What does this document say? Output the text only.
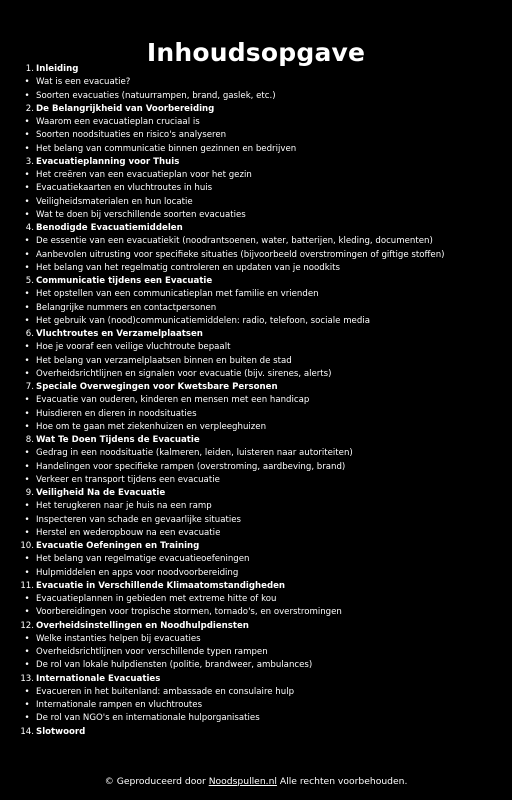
Inhoudsopgave
1. Inleiding
• Wat is een evacuatie?
• Soorten evacuaties (natuurrampen, brand, gaslek, etc.)
2. De Belangrijkheid van Voorbereiding
• Waarom een evacuatieplan cruciaal is
• Soorten noodsituaties en risico's analyseren
• Het belang van communicatie binnen gezinnen en bedrijven
3. Evacuatieplanning voor Thuis
• Het creëren van een evacuatieplan voor het gezin
• Evacuatiekaarten en vluchtroutes in huis
• Veiligheidsmaterialen en hun locatie
• Wat te doen bij verschillende soorten evacuaties
4. Benodigde Evacuatiemiddelen
• De essentie van een evacuatiekit (noodrantsoenen, water, batterijen, kleding, documenten)
• Aanbevolen uitrusting voor specifieke situaties (bijvoorbeeld overstromingen of giftige stoffen)
• Het belang van het regelmatig controleren en updaten van je noodkits
5. Communicatie tijdens een Evacuatie
• Het opstellen van een communicatieplan met familie en vrienden
• Belangrijke nummers en contactpersonen
• Het gebruik van (nood)communicatiemiddelen: radio, telefoon, sociale media
6. Vluchtroutes en Verzamelplaatsen
• Hoe je vooraf een veilige vluchtroute bepaalt
• Het belang van verzamelplaatsen binnen en buiten de stad
• Overheidsrichtlijnen en signalen voor evacuatie (bijv. sirenes, alerts)
7. Speciale Overwegingen voor Kwetsbare Personen
• Evacuatie van ouderen, kinderen en mensen met een handicap
• Huisdieren en dieren in noodsituaties
• Hoe om te gaan met ziekenhuizen en verpleeghuizen
8. Wat Te Doen Tijdens de Evacuatie
• Gedrag in een noodsituatie (kalmeren, leiden, luisteren naar autoriteiten)
• Handelingen voor specifieke rampen (overstroming, aardbeving, brand)
• Verkeer en transport tijdens een evacuatie
9. Veiligheid Na de Evacuatie
• Het terugkeren naar je huis na een ramp
• Inspecteren van schade en gevaarlijke situaties
• Herstel en wederopbouw na een evacuatie
10. Evacuatie Oefeningen en Training
• Het belang van regelmatige evacuatieoefeningen
• Hulpmiddelen en apps voor noodvoorbereiding
11. Evacuatie in Verschillende Klimaatomstandigheden
• Evacuatieplannen in gebieden met extreme hitte of kou
• Voorbereidingen voor tropische stormen, tornado's, en overstromingen
12. Overheidsinstellingen en Noodhulpdiensten
• Welke instanties helpen bij evacuaties
• Overheidsrichtlijnen voor verschillende typen rampen
• De rol van lokale hulpdiensten (politie, brandweer, ambulances)
13. Internationale Evacuaties
• Evacueren in het buitenland: ambassade en consulaire hulp
• Internationale rampen en vluchtroutes
• De rol van NGO's en internationale hulporganisaties
14. Slotwoord
© Geproduceerd door Noodspullen.nl Alle rechten voorbehouden.
